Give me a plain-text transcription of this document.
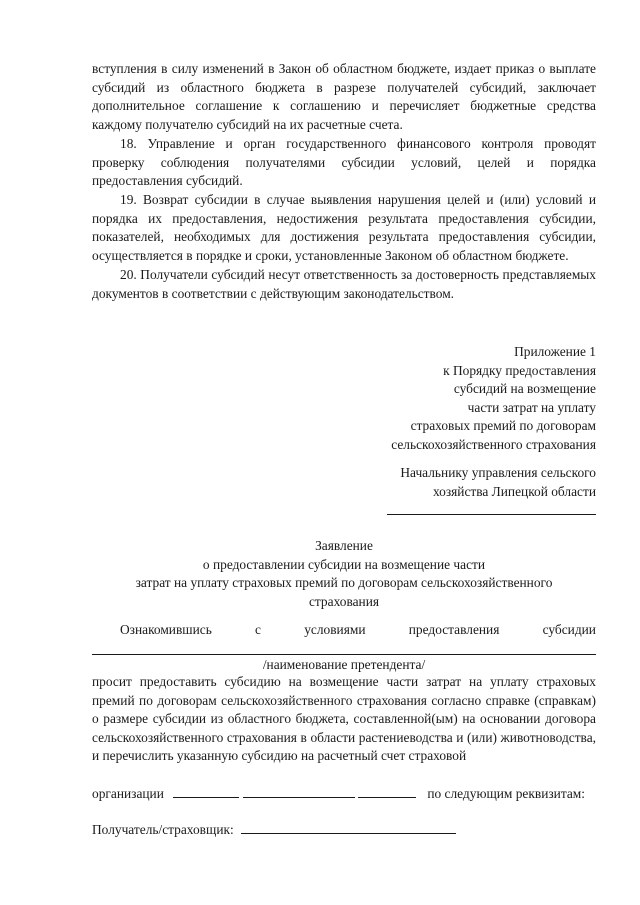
вступления в силу изменений в Закон об областном бюджете, издает приказ о выплате субсидий из областного бюджета в разрезе получателей субсидий, заключает дополнительное соглашение к соглашению и перечисляет бюджетные средства каждому получателю субсидий на их расчетные счета.

18. Управление и орган государственного финансового контроля проводят проверку соблюдения получателями субсидии условий, целей и порядка предоставления субсидий.

19. Возврат субсидии в случае выявления нарушения целей и (или) условий и порядка их предоставления, недостижения результата предоставления субсидии, показателей, необходимых для достижения результата предоставления субсидии, осуществляется в порядке и сроки, установленные Законом об областном бюджете.

20. Получатели субсидий несут ответственность за достоверность представляемых документов в соответствии с действующим законодательством.

Приложение 1
к Порядку предоставления
субсидий на возмещение
части затрат на уплату
страховых премий по договорам
сельскохозяйственного страхования
Начальнику управления сельского
хозяйства Липецкой области
Заявление
о предоставлении субсидии на возмещение части
затрат на уплату страховых премий по договорам сельскохозяйственного
страхования
Ознакомившись	с	условиями	предоставления	субсидии
/наименование претендента/

просит предоставить субсидию на возмещение части затрат на уплату страховых премий по договорам сельскохозяйственного страхования согласно справке (справкам) о размере субсидии из областного бюджета, составленной(ым) на основании договора сельскохозяйственного страхования в области растениеводства и (или) животноводства, и перечислить указанную субсидию на расчетный счет страховой

организации	по следующим реквизитам:
Получатель/страховщик:
